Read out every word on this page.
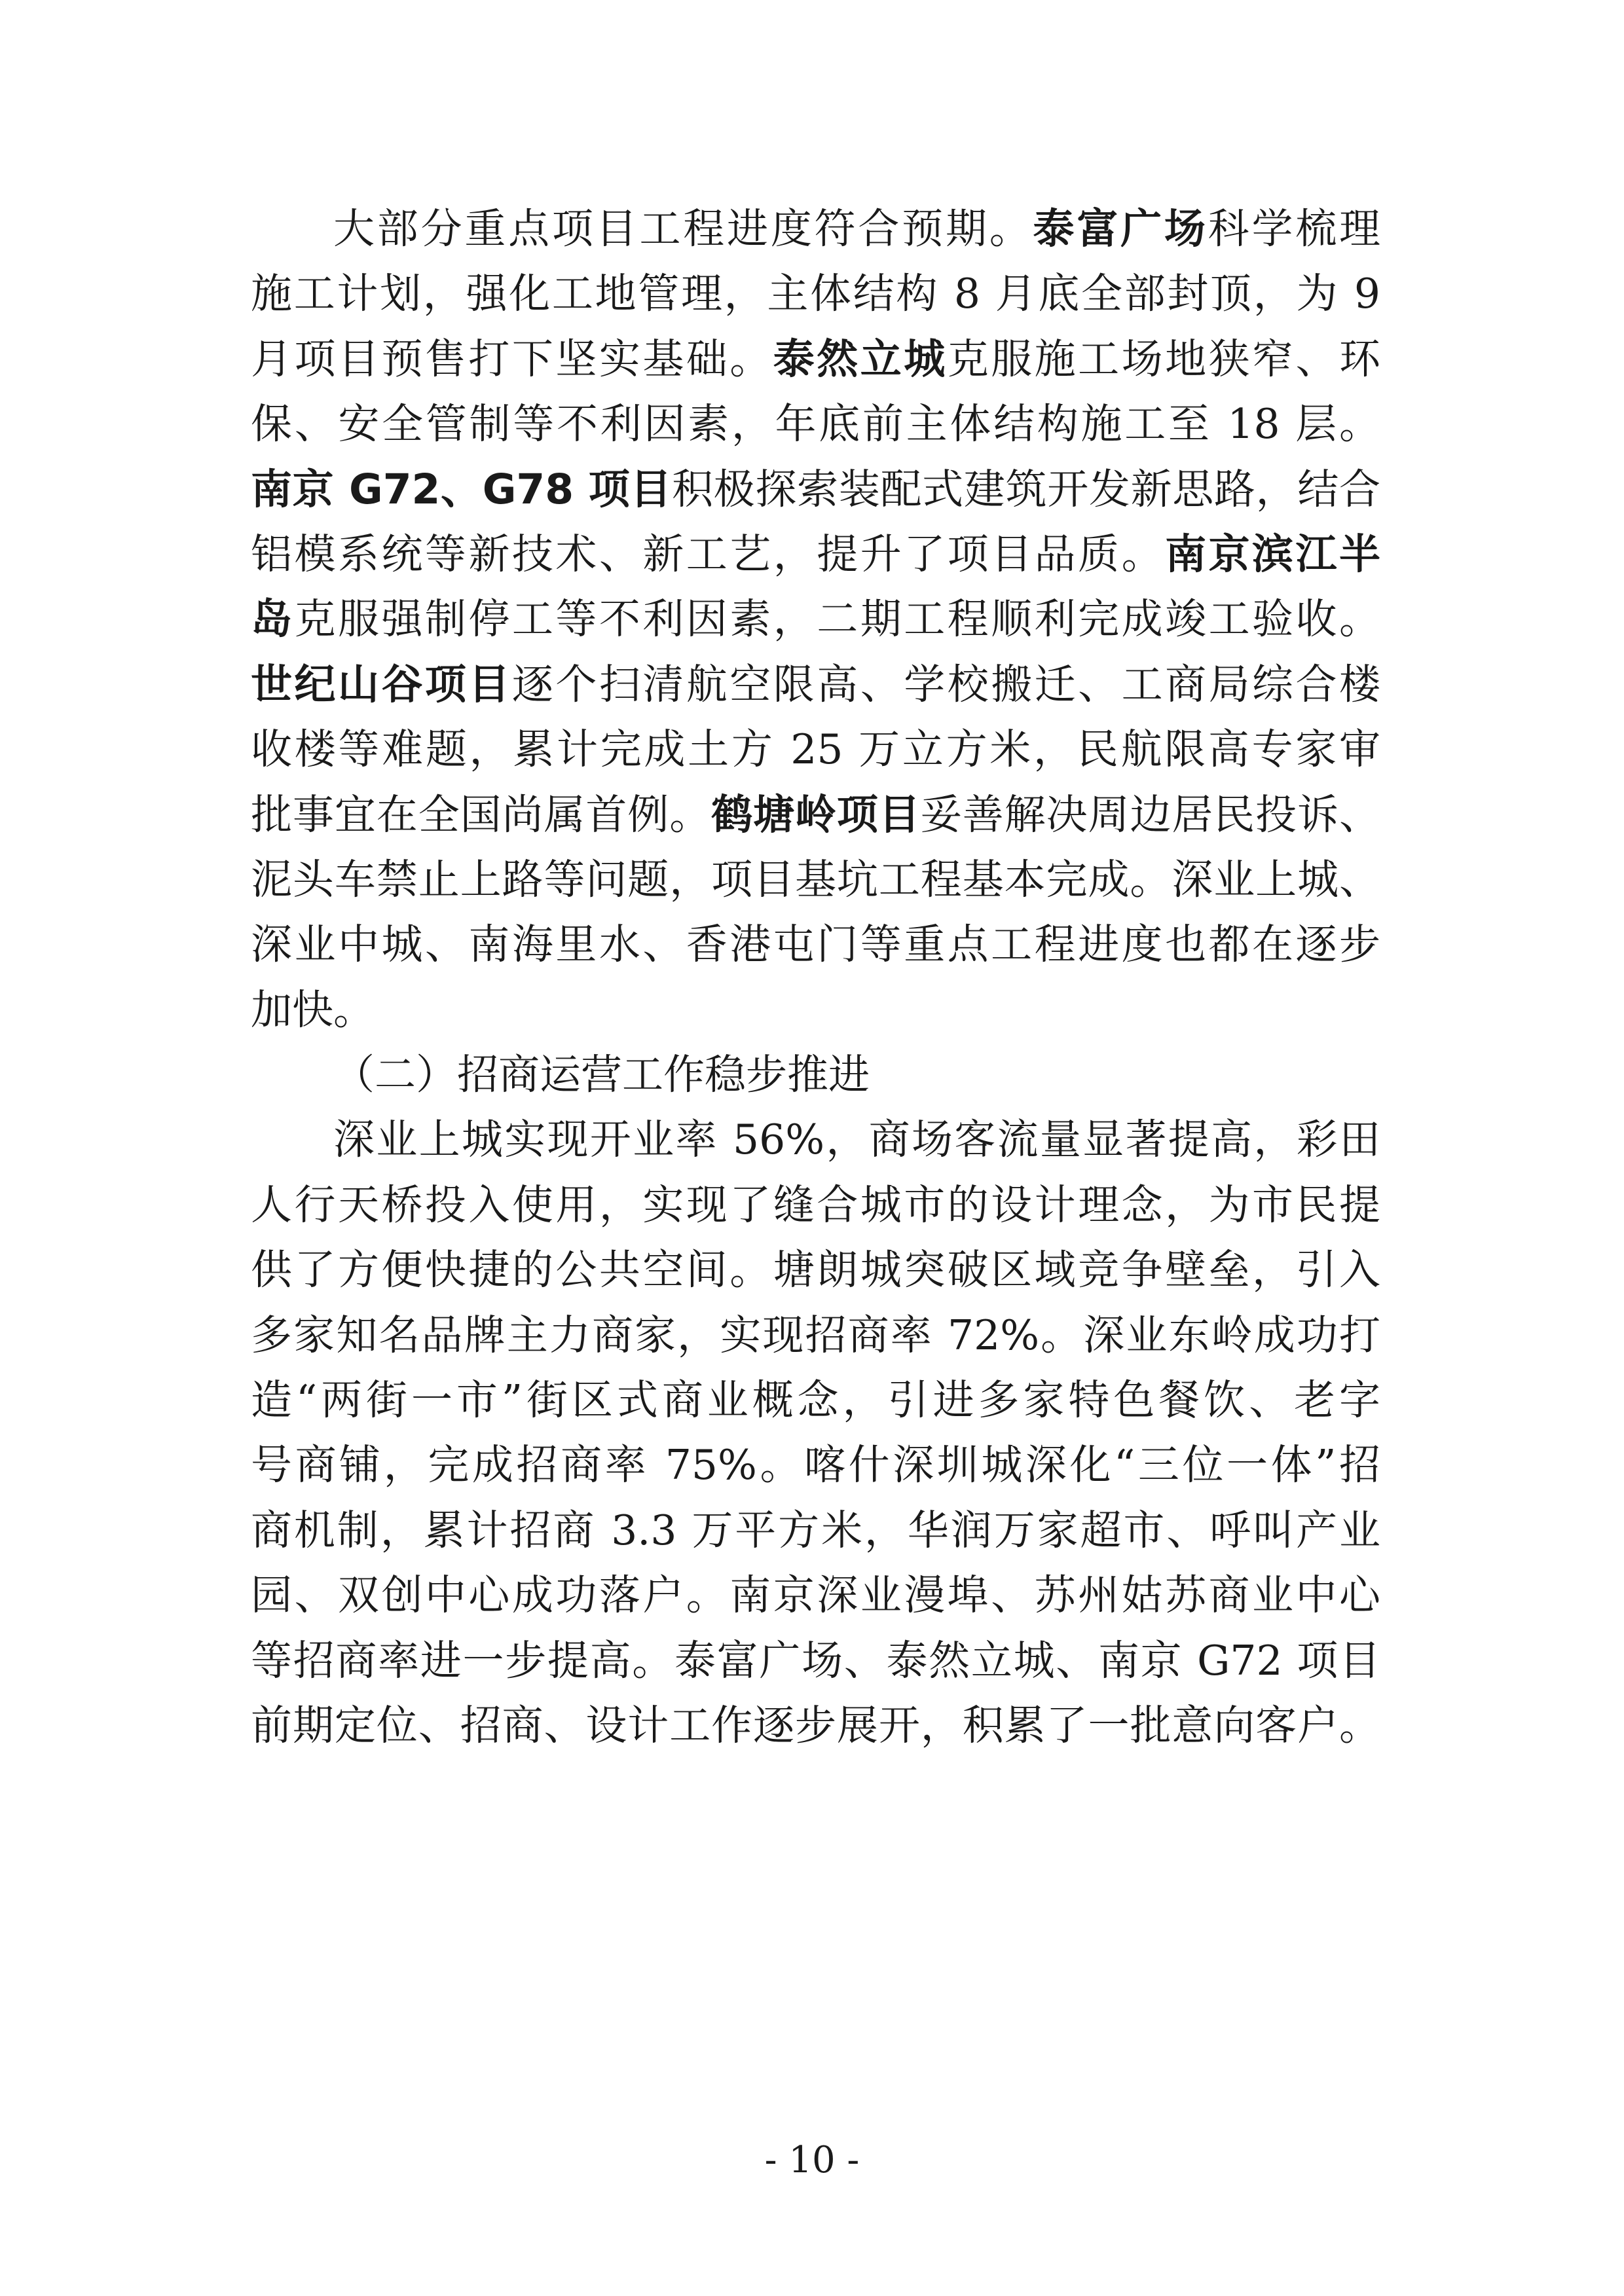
大部分重点项目工程进度符合预期。泰富广场科学梳理
施工计划，强化工地管理，主体结构 8 月底全部封顶，为 9
月项目预售打下坚实基础。泰然立城克服施工场地狭窄、环
保、安全管制等不利因素，年底前主体结构施工至 18 层。
南京 G72、G78 项目积极探索装配式建筑开发新思路，结合
铝模系统等新技术、新工艺，提升了项目品质。南京滨江半
岛克服强制停工等不利因素，二期工程顺利完成竣工验收。
世纪山谷项目逐个扫清航空限高、学校搬迁、工商局综合楼
收楼等难题，累计完成土方 25 万立方米，民航限高专家审
批事宜在全国尚属首例。鹤塘岭项目妥善解决周边居民投诉、
泥头车禁止上路等问题，项目基坑工程基本完成。深业上城、
深业中城、南海里水、香港屯门等重点工程进度也都在逐步
加快。
（二）招商运营工作稳步推进
深业上城实现开业率 56%，商场客流量显著提高，彩田
人行天桥投入使用，实现了缝合城市的设计理念，为市民提
供了方便快捷的公共空间。塘朗城突破区域竞争壁垒，引入
多家知名品牌主力商家，实现招商率 72%。深业东岭成功打
造“两街一市”街区式商业概念，引进多家特色餐饮、老字
号商铺，完成招商率 75%。喀什深圳城深化“三位一体”招
商机制，累计招商 3.3 万平方米，华润万家超市、呼叫产业
园、双创中心成功落户。南京深业漫埠、苏州姑苏商业中心
等招商率进一步提高。泰富广场、泰然立城、南京 G72 项目
前期定位、招商、设计工作逐步展开，积累了一批意向客户。
- 10 -
